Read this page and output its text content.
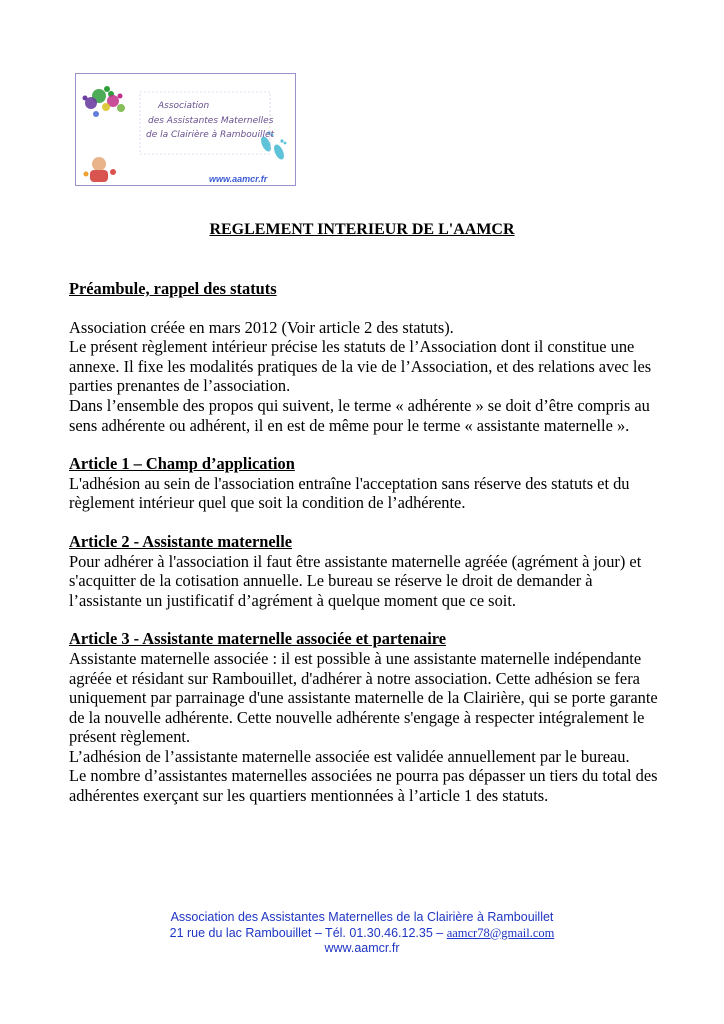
Association
des Assistantes Maternelles
de la Clairière à Rambouillet
www.aamcr.fr
REGLEMENT INTERIEUR DE L'AAMCR

Préambule, rappel des statuts

Association créée en mars 2012 (Voir article 2 des statuts).

Le présent règlement intérieur précise les statuts de l’Association dont il constitue une annexe. Il fixe les modalités pratiques de la vie de l’Association, et des relations avec les parties prenantes de l’association.

Dans l’ensemble des propos qui suivent, le terme « adhérente » se doit d’être compris au sens adhérente ou adhérent, il en est de même pour le terme « assistante maternelle ».

Article 1 – Champ d’application

L'adhésion au sein de l'association entraîne l'acceptation sans réserve des statuts et du règlement intérieur quel que soit la condition de l’adhérente.

Article 2 - Assistante maternelle

Pour adhérer à l'association il faut être assistante maternelle agréée (agrément à jour) et s'acquitter de la cotisation annuelle. Le bureau se réserve le droit de demander à l’assistante un justificatif d’agrément à quelque moment que ce soit.

Article 3 - Assistante maternelle associée et partenaire

Assistante maternelle associée : il est possible à une assistante maternelle indépendante agréée et résidant sur Rambouillet, d'adhérer à notre association. Cette adhésion se fera uniquement par parrainage d'une assistante maternelle de la Clairière, qui se porte garante de la nouvelle adhérente. Cette nouvelle adhérente s'engage à respecter intégralement le présent règlement.

L’adhésion de l’assistante maternelle associée est validée annuellement par le bureau.

Le nombre d’assistantes maternelles associées ne pourra pas dépasser un tiers du total des adhérentes exerçant sur les quartiers mentionnées à l’article 1 des statuts.

Association des Assistantes Maternelles de la Clairière à Rambouillet
21 rue du lac Rambouillet – Tél. 01.30.46.12.35 – aamcr78@gmail.com
www.aamcr.fr
